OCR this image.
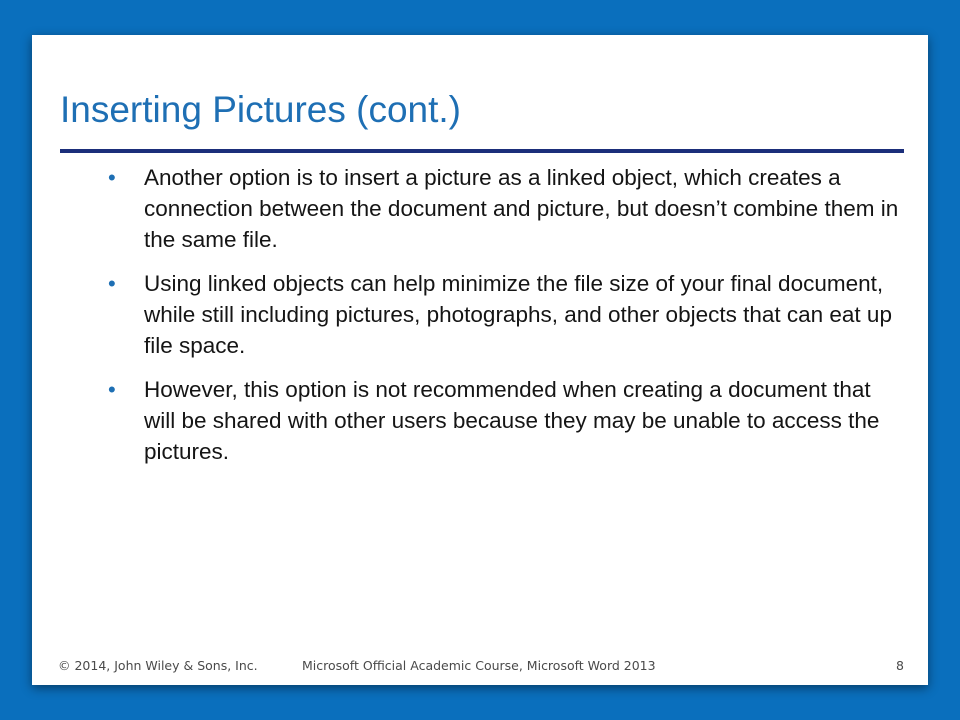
Inserting Pictures (cont.)
• Another option is to insert a picture as a linked object, which creates a connection between the document and picture, but doesn’t combine them in the same file.
• Using linked objects can help minimize the file size of your final document, while still including pictures, photographs, and other objects that can eat up file space.
• However, this option is not recommended when creating a document that will be shared with other users because they may be unable to access the pictures.
© 2014, John Wiley & Sons, Inc.	Microsoft Official Academic Course, Microsoft Word 2013	8
